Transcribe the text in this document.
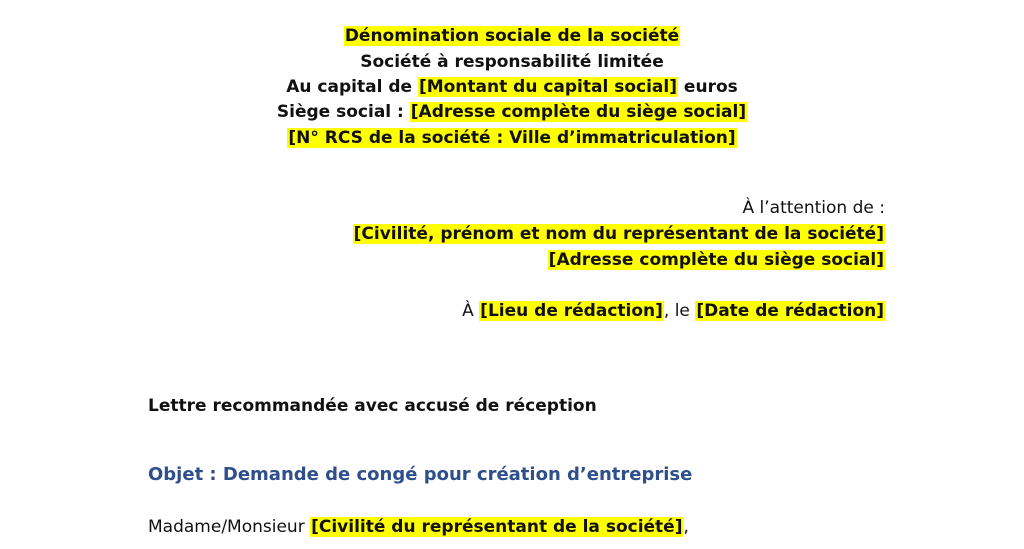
Dénomination sociale de la société
Société à responsabilité limitée
Au capital de [Montant du capital social] euros
Siège social : [Adresse complète du siège social]
[N° RCS de la société : Ville d’immatriculation]
À l’attention de :
[Civilité, prénom et nom du représentant de la société]
[Adresse complète du siège social]
À [Lieu de rédaction], le [Date de rédaction]
Lettre recommandée avec accusé de réception
Objet : Demande de congé pour création d’entreprise
Madame/Monsieur [Civilité du représentant de la société],
